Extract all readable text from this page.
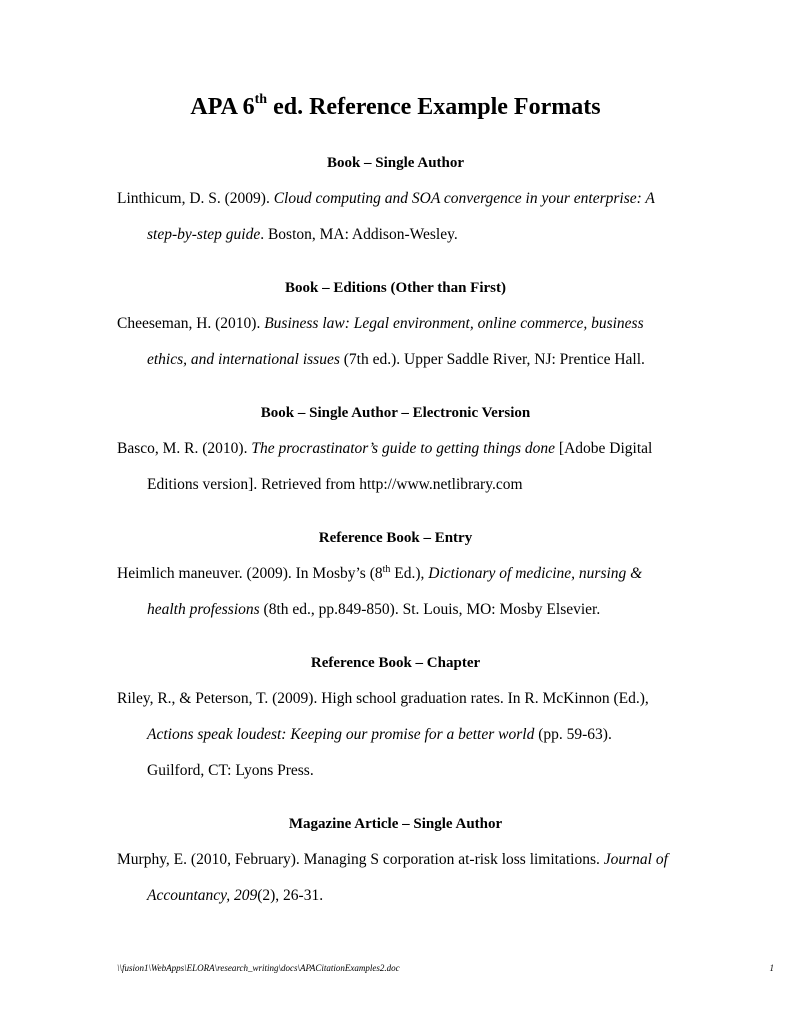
APA 6th ed. Reference Example Formats
Book – Single Author
Linthicum, D. S. (2009). Cloud computing and SOA convergence in your enterprise: A
step-by-step guide. Boston, MA: Addison-Wesley.
Book – Editions (Other than First)
Cheeseman, H. (2010). Business law: Legal environment, online commerce, business
ethics, and international issues (7th ed.). Upper Saddle River, NJ: Prentice Hall.
Book – Single Author – Electronic Version
Basco, M. R. (2010). The procrastinator’s guide to getting things done [Adobe Digital
Editions version]. Retrieved from http://www.netlibrary.com
Reference Book – Entry
Heimlich maneuver. (2009). In Mosby’s (8th Ed.), Dictionary of medicine, nursing &
health professions (8th ed., pp.849-850). St. Louis, MO: Mosby Elsevier.
Reference Book – Chapter
Riley, R., & Peterson, T. (2009). High school graduation rates. In R. McKinnon (Ed.),
Actions speak loudest: Keeping our promise for a better world (pp. 59-63).
Guilford, CT: Lyons Press.
Magazine Article – Single Author
Murphy, E. (2010, February). Managing S corporation at-risk loss limitations. Journal of
Accountancy, 209(2), 26-31.
\\fusion1\WebApps\ELORA\research_writing\docs\APACitationExamples2.doc	1
